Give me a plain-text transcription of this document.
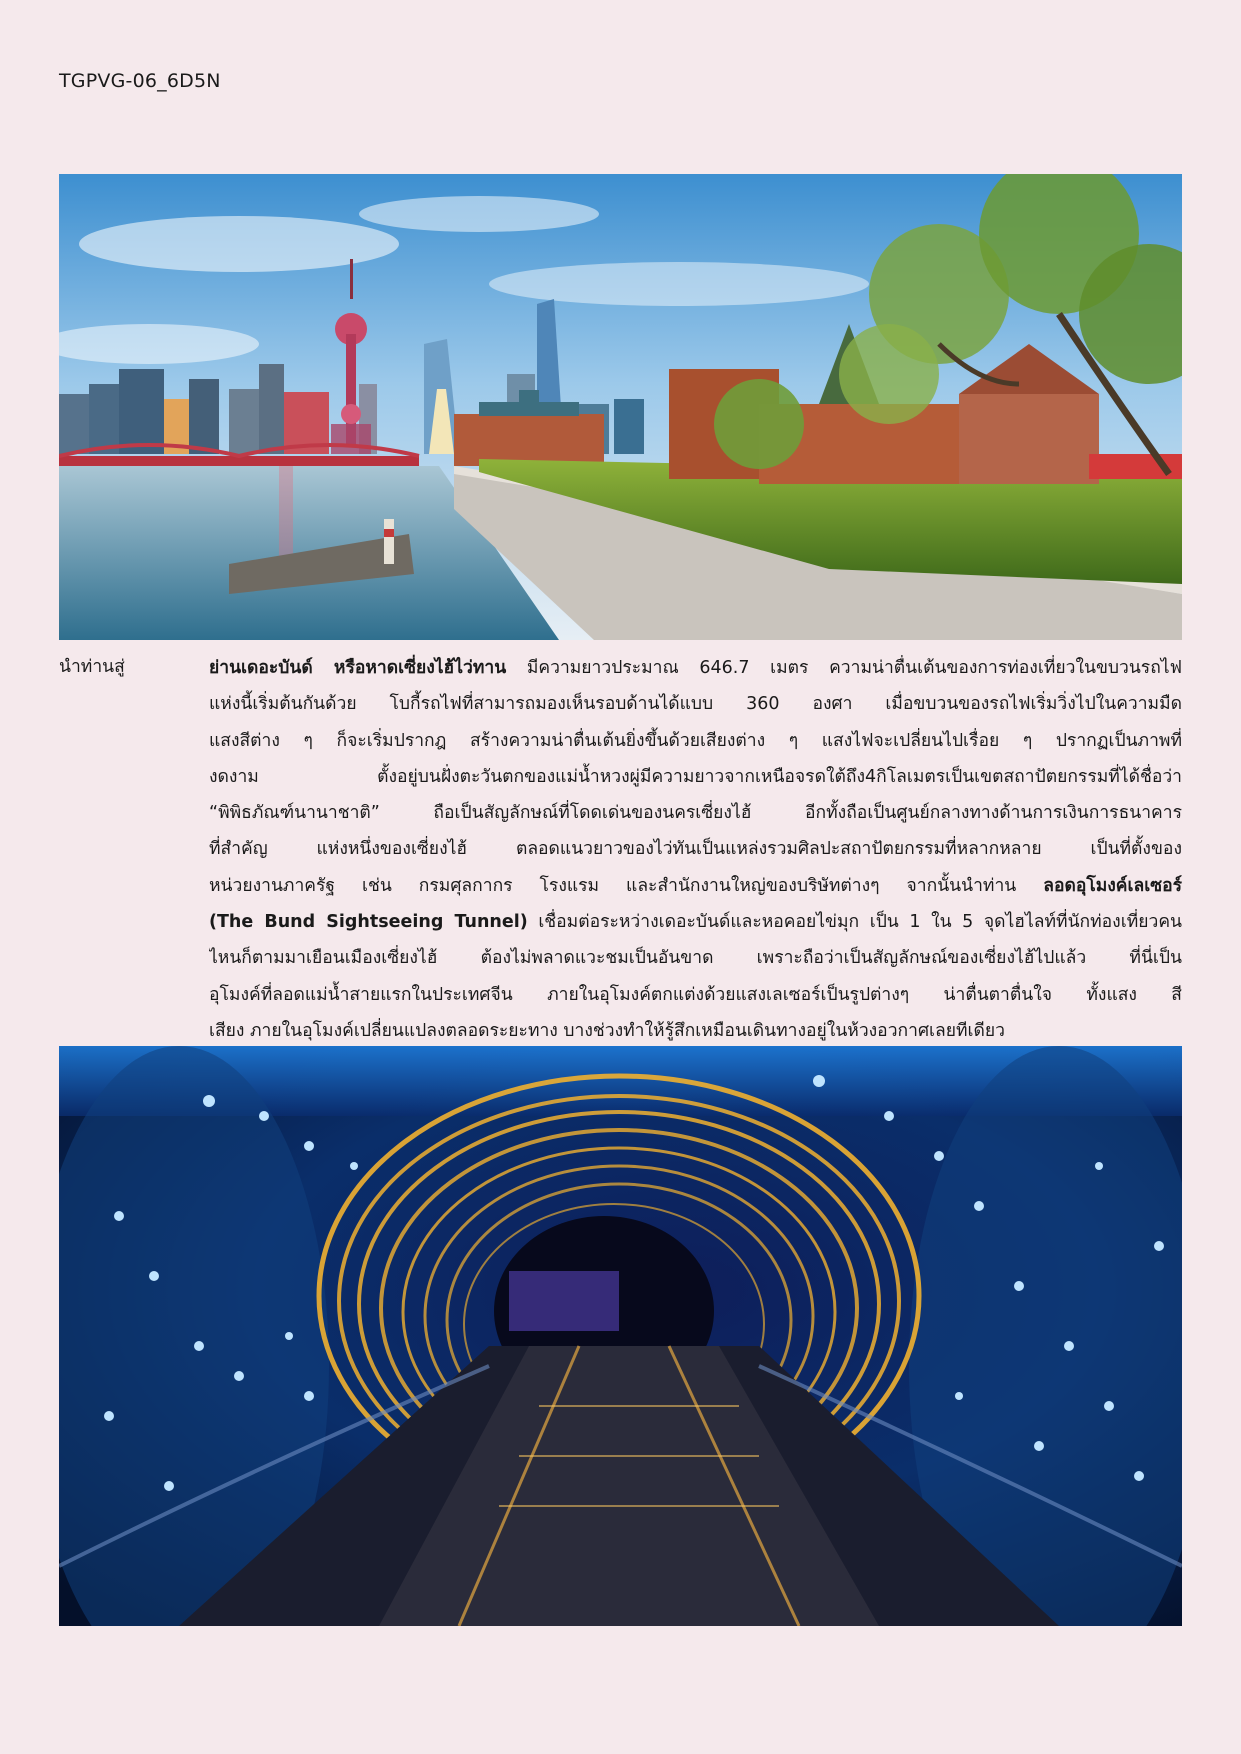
TGPVG-06_6D5N
นำท่านสู่	ย่านเดอะบันด์ หรือหาดเซี่ยงไฮ้ไว่ทาน มีความยาวประมาณ 646.7 เมตร ความน่าตื่นเต้นของการท่องเที่ยวในขบวนรถไฟ
แห่งนี้เริ่มต้นกันด้วย โบกี้รถไฟที่สามารถมองเห็นรอบด้านได้แบบ 360 องศา เมื่อขบวนของรถไฟเริ่มวิ่งไปในความมืด
แสงสีต่าง ๆ ก็จะเริ่มปรากฎ สร้างความน่าตื่นเต้นยิ่งขึ้นด้วยเสียงต่าง ๆ แสงไฟจะเปลี่ยนไปเรื่อย ๆ ปรากฏเป็นภาพที่
งดงาม ตั้งอยู่บนฝั่งตะวันตกของแม่น้ำหวงผู่มีความยาวจากเหนือจรดใต้ถึง4กิโลเมตรเป็นเขตสถาปัตยกรรมที่ได้ชื่อว่า
“พิพิธภัณฑ์นานาชาติ” ถือเป็นสัญลักษณ์ที่โดดเด่นของนครเซี่ยงไฮ้ อีกทั้งถือเป็นศูนย์กลางทางด้านการเงินการธนาคาร
ที่สำคัญ แห่งหนึ่งของเซี่ยงไฮ้ ตลอดแนวยาวของไว่ทันเป็นแหล่งรวมศิลปะสถาปัตยกรรมที่หลากหลาย เป็นที่ตั้งของ
หน่วยงานภาครัฐ เช่น กรมศุลกากร โรงแรม และสำนักงานใหญ่ของบริษัทต่างๆ จากนั้นนำท่าน ลอดอุโมงค์เลเซอร์
(The Bund Sightseeing Tunnel) เชื่อมต่อระหว่างเดอะบันด์และหอคอยไข่มุก เป็น 1 ใน 5 จุดไฮไลท์ที่นักท่องเที่ยวคน
ไหนก็ตามมาเยือนเมืองเซี่ยงไฮ้ ต้องไม่พลาดแวะชมเป็นอันขาด เพราะถือว่าเป็นสัญลักษณ์ของเซี่ยงไฮ้ไปแล้ว ที่นี่เป็น
อุโมงค์ที่ลอดแม่น้ำสายแรกในประเทศจีน ภายในอุโมงค์ตกแต่งด้วยแสงเลเซอร์เป็นรูปต่างๆ น่าตื่นตาตื่นใจ ทั้งแสง สี
เสียง ภายในอุโมงค์เปลี่ยนแปลงตลอดระยะทาง บางช่วงทำให้รู้สึกเหมือนเดินทางอยู่ในห้วงอวกาศเลยทีเดียว
